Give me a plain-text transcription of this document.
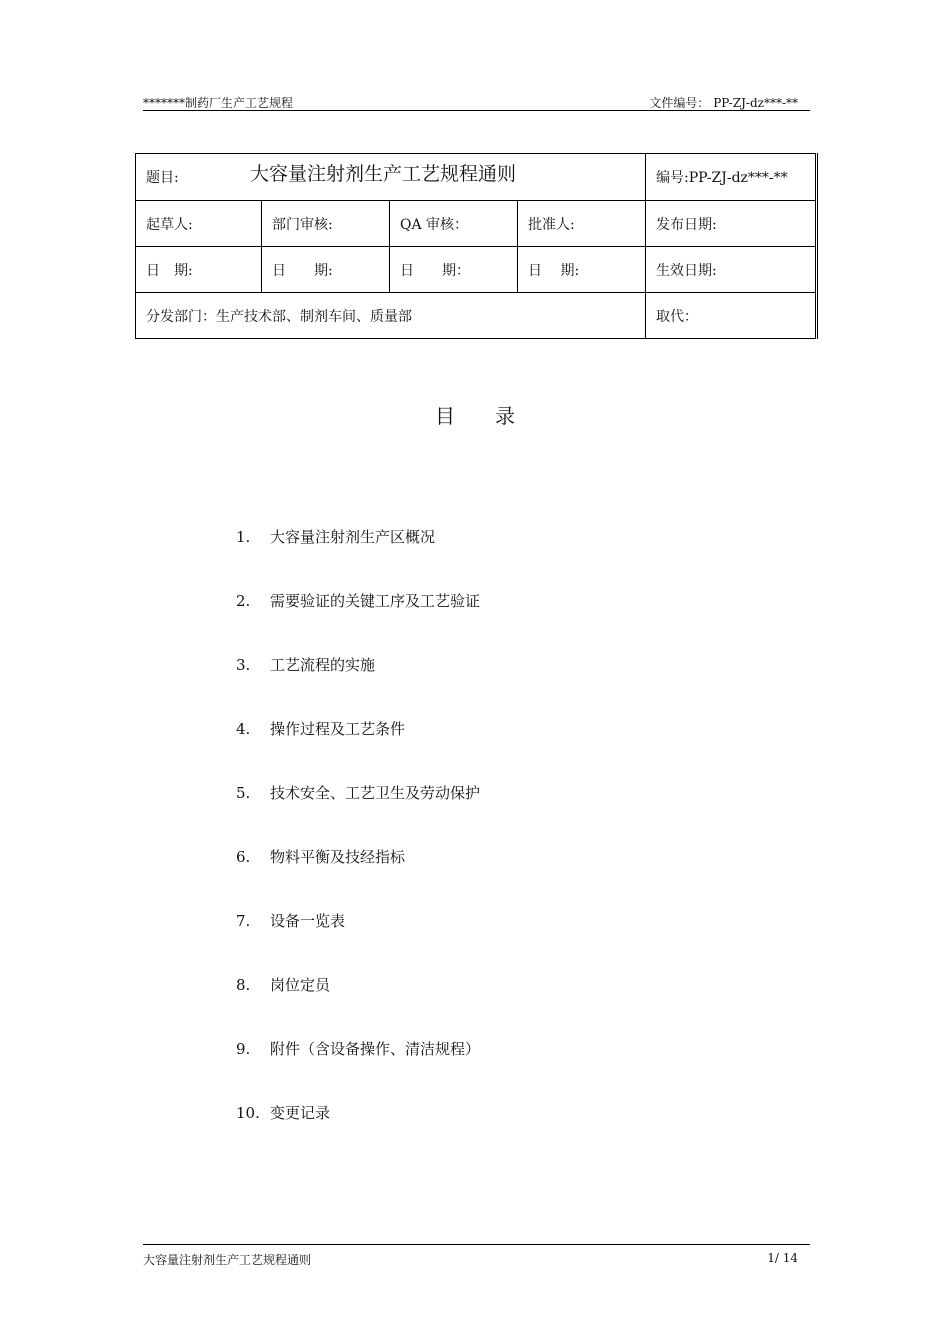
*******制药厂生产工艺规程	文件编号： PP-ZJ-dz***-**
题目: 大容量注射剂生产工艺规程通则				编号:PP-ZJ-dz***-**
起草人:	部门审核:	QA 审核：	批准人:	发布日期:
日　期:	日　　期:	日　　期：	日　 期:	生效日期:
分发部门：生产技术部、制剂车间、质量部				取代：
目录
1. 大容量注射剂生产区概况
2. 需要验证的关键工序及工艺验证
3. 工艺流程的实施
4. 操作过程及工艺条件
5. 技术安全、工艺卫生及劳动保护
6. 物料平衡及技经指标
7. 设备一览表
8. 岗位定员
9. 附件（含设备操作、清洁规程）
10. 变更记录
大容量注射剂生产工艺规程通则	1/ 14
